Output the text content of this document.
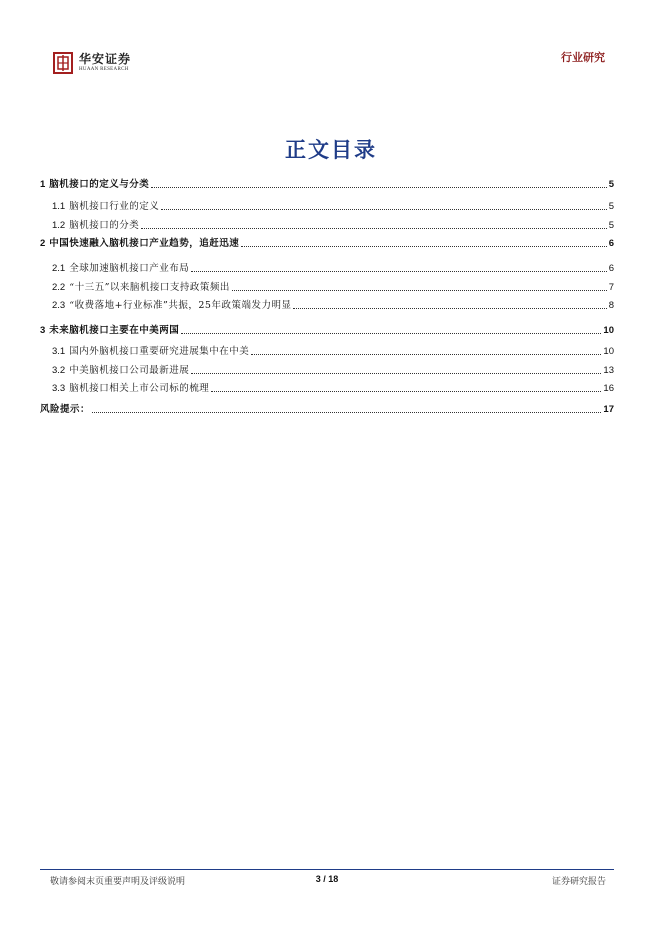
华安证券
HUAAN RESEARCH
行业研究
正文目录
1 脑机接口的定义与分类	5
1.1 脑机接口行业的定义	5
1.2 脑机接口的分类	5
2 中国快速融入脑机接口产业趋势，追赶迅速	6
2.1 全球加速脑机接口产业布局	6
2.2 “十三五”以来脑机接口支持政策频出	7
2.3 “收费落地+行业标准”共振，25年政策端发力明显	8
3 未来脑机接口主要在中美两国	10
3.1 国内外脑机接口重要研究进展集中在中美	10
3.2 中美脑机接口公司最新进展	13
3.3 脑机接口相关上市公司标的梳理	16
风险提示：	17
敬请参阅末页重要声明及评级说明	3 / 18	证券研究报告
